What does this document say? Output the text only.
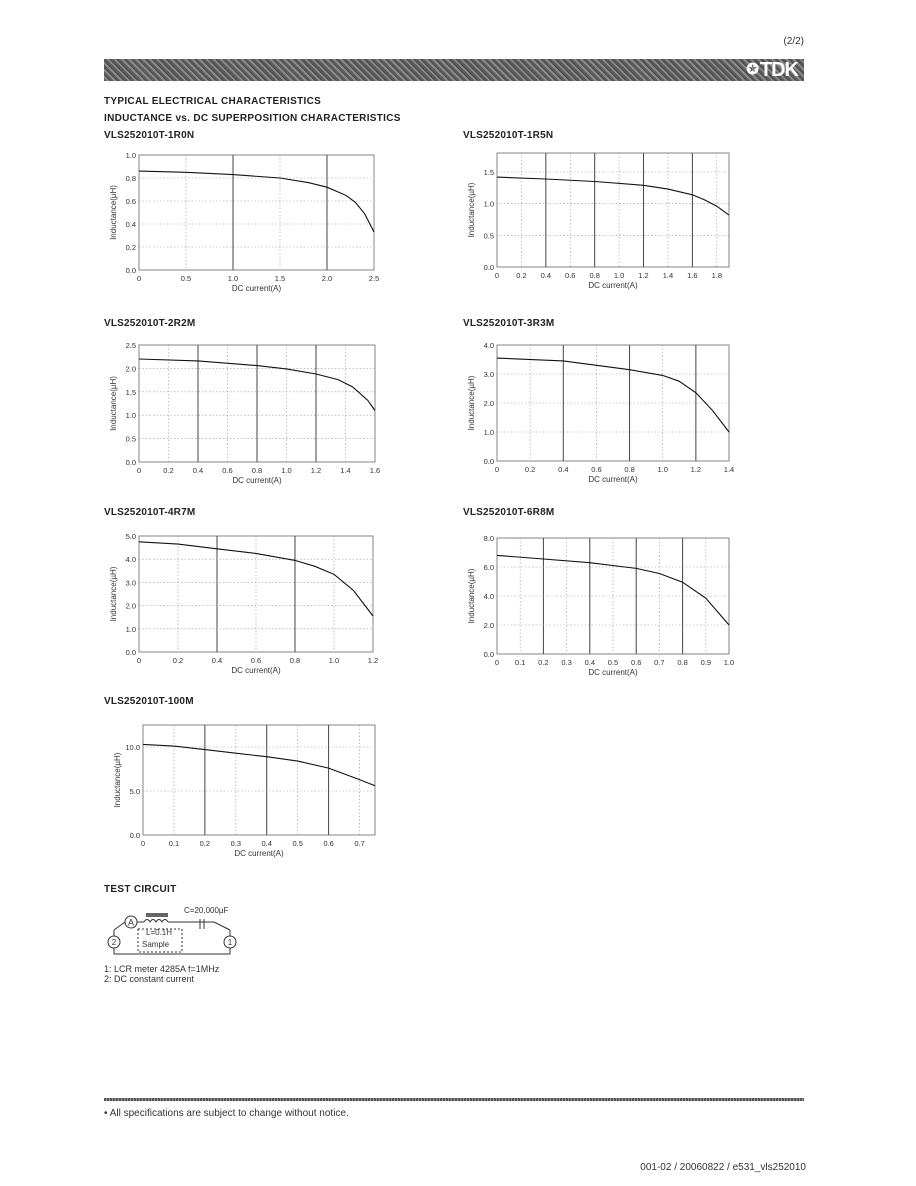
(2/2)
✪ TDK
TYPICAL ELECTRICAL CHARACTERISTICS
INDUCTANCE vs. DC SUPERPOSITION CHARACTERISTICS
VLS252010T-1R0N
0	0.5	1.0	1.5	2.0	2.5
0.0
0.2
0.4
0.6
0.8
1.0
DC current(A)
Inductance(µH)
VLS252010T-1R5N
0 0.2 0.4 0.6 0.8 1.0 1.2 1.4 1.6 1.8
0.0
0.5
1.0
1.5
DC current(A)
Inductance(µH)
VLS252010T-2R2M
0	0.2	0.4	0.6	0.8	1.0	1.2	1.4	1.6
0.0
0.5
1.0
1.5
2.0
2.5
DC current(A)
Inductance(µH)
VLS252010T-3R3M
0	0.2	0.4	0.6	0.8	1.0	1.2	1.4
0.0
1.0
2.0
3.0
4.0
DC current(A)
Inductance(µH)
VLS252010T-4R7M
0	0.2	0.4	0.6	0.8	1.0	1.2
0.0
1.0
2.0
3.0
4.0
5.0
DC current(A)
Inductance(µH)
VLS252010T-6R8M
0 0.1 0.2 0.3 0.4 0.5 0.6 0.7 0.8 0.9 1.0
0.0
2.0
4.0
6.0
8.0
DC current(A)
Inductance(µH)
VLS252010T-100M
0	0.1	0.2	0.3	0.4	0.5	0.6	0.7
0.0
5.0
10.0
DC current(A)
Inductance(µH)
TEST CIRCUIT
A
2	1
C=20,000µF
L=0.1H
Sample
1: LCR meter 4285A f=1MHz
2: DC constant current
• All specifications are subject to change without notice.
001-02 / 20060822 / e531_vls252010
